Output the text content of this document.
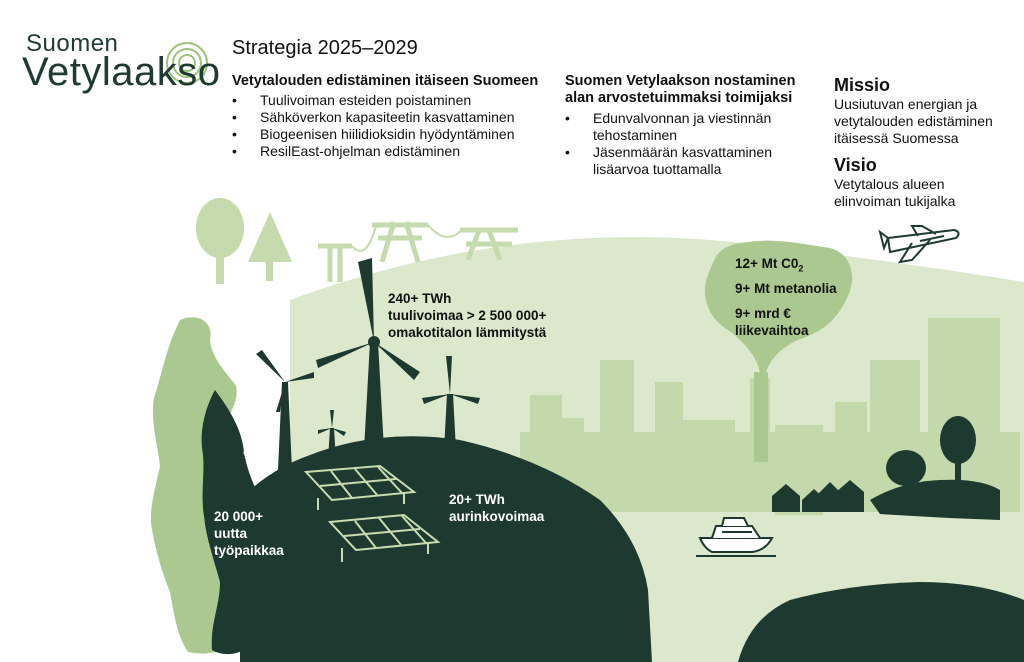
Suomen
Vetylaakso
Strategia 2025–2029
Vetytalouden edistäminen itäiseen Suomeen
• Tuulivoiman esteiden poistaminen
• Sähköverkon kapasiteetin kasvattaminen
• Biogeenisen hiilidioksidin hyödyntäminen
• ResilEast-ohjelman edistäminen
Suomen Vetylaakson nostaminen
alan arvostetuimmaksi toimijaksi
• Edunvalvonnan ja viestinnän
tehostaminen
• Jäsenmäärän kasvattaminen
lisäarvoa tuottamalla
Missio
Uusiutuvan energian ja
vetytalouden edistäminen
itäisessä Suomessa
Visio
Vetytalous alueen
elinvoiman tukijalka
240+ TWh
tuulivoimaa > 2 500 000+
omakotitalon lämmitystä
20+ TWh
aurinkovoimaa
20 000+
uutta
työpaikkaa
12+ Mt $C0_2$
9+ Mt metanolia
9+ mrd €
liikevaihtoa
